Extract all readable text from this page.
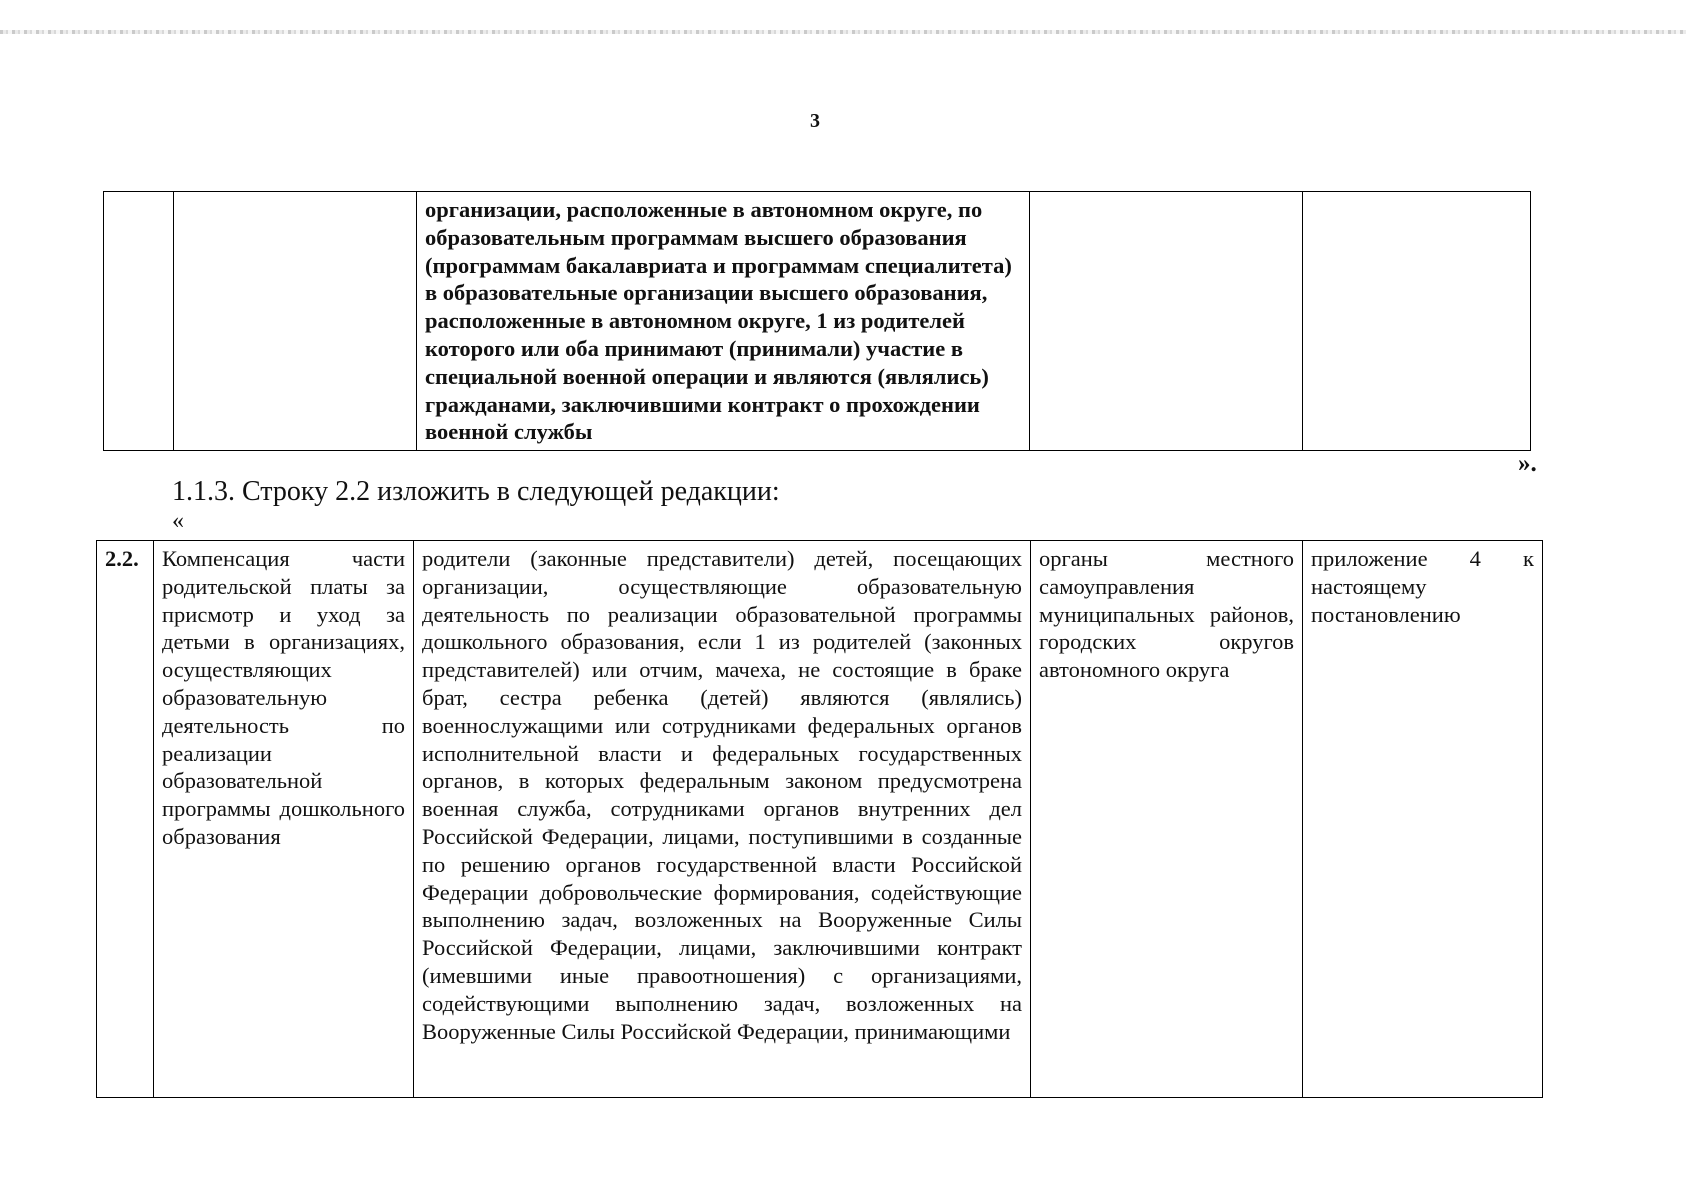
3
		организации, расположенные в автономном округе, по образовательным программам высшего образования (программам бакалавриата и программам специалитета) в образовательные организации высшего образования, расположенные в автономном округе, 1 из родителей которого или оба принимают (принимали) участие в специальной военной операции и являются (являлись) гражданами, заключившими контракт о прохождении военной службы		
».
1.1.3. Строку 2.2 изложить в следующей редакции:
«
2.2.	Компенсация части родительской платы за присмотр и уход за детьми в организациях, осуществляющих образовательную деятельность по реализации образовательной программы дошкольного образования	родители (законные представители) детей, посещающих организации, осуществляющие образовательную деятельность по реализации образовательной программы дошкольного образования, если 1 из родителей (законных представителей) или отчим, мачеха, не состоящие в браке брат, сестра ребенка (детей) являются (являлись) военнослужащими или сотрудниками федеральных органов исполнительной власти и федеральных государственных органов, в которых федеральным законом предусмотрена военная служба, сотрудниками органов внутренних дел Российской Федерации, лицами, поступившими в созданные по решению органов государственной власти Российской Федерации добровольческие формирования, содействующие выполнению задач, возложенных на Вооруженные Силы Российской Федерации, лицами, заключившими контракт (имевшими иные правоотношения) с организациями, содействующими выполнению задач, возложенных на Вооруженные Силы Российской Федерации, принимающими	органы местного самоуправления муниципальных районов, городских округов автономного округа	приложение 4 к настоящему постановлению
